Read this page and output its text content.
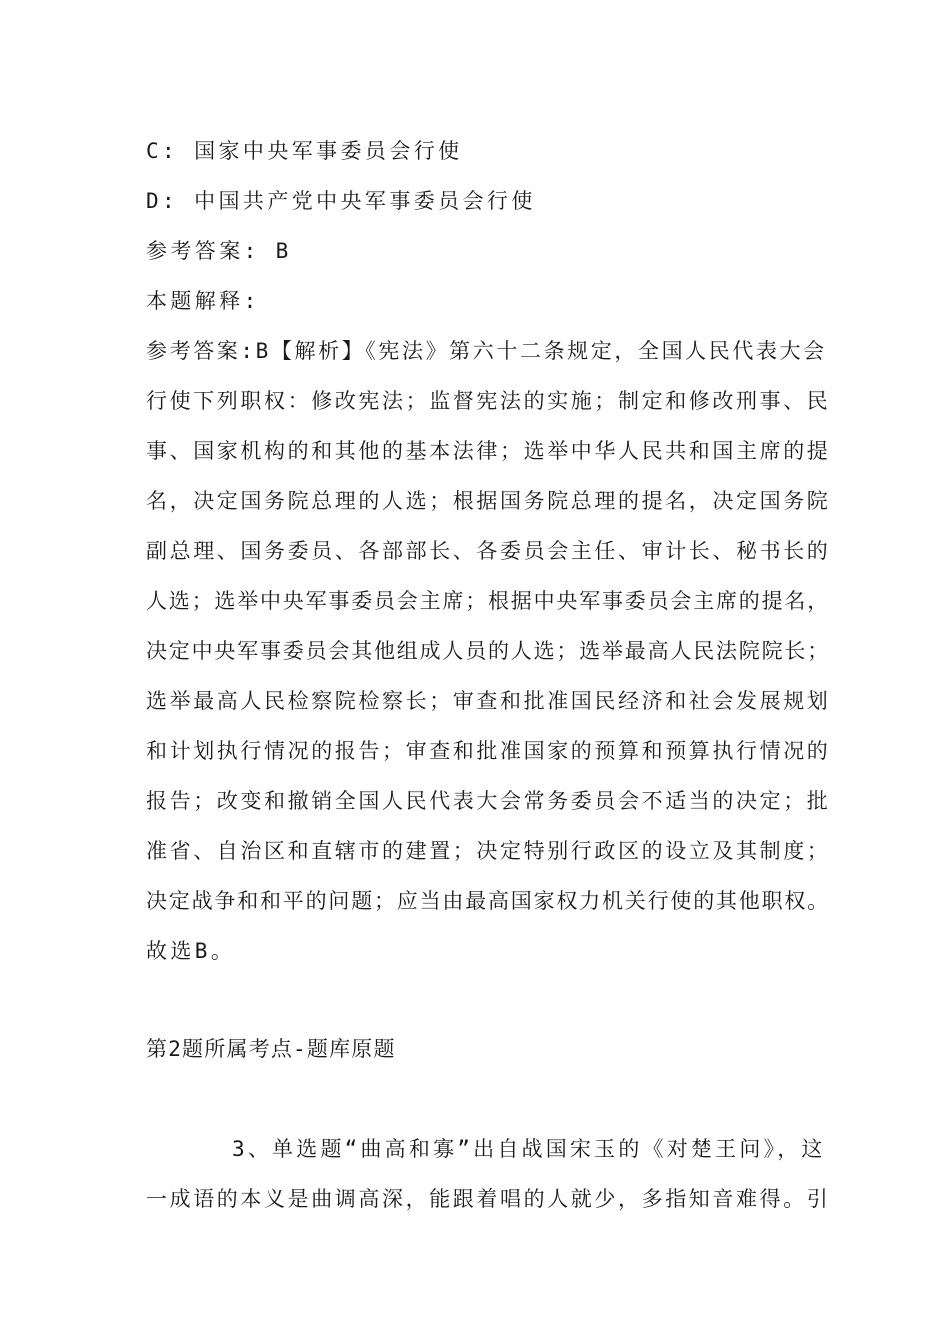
C: 国家中央军事委员会行使
D: 中国共产党中央军事委员会行使
参考答案: B
本题解释:
参考答案:B【解析】《宪法》第六十二条规定，全国人民代表大会
行使下列职权：修改宪法；监督宪法的实施；制定和修改刑事、民
事、国家机构的和其他的基本法律；选举中华人民共和国主席的提
名，决定国务院总理的人选；根据国务院总理的提名，决定国务院
副总理、国务委员、各部部长、各委员会主任、审计长、秘书长的
人选；选举中央军事委员会主席；根据中央军事委员会主席的提名，
决定中央军事委员会其他组成人员的人选；选举最高人民法院院长；
选举最高人民检察院检察长；审查和批准国民经济和社会发展规划
和计划执行情况的报告；审查和批准国家的预算和预算执行情况的
报告；改变和撤销全国人民代表大会常务委员会不适当的决定；批
准省、自治区和直辖市的建置；决定特别行政区的设立及其制度；
决定战争和和平的问题；应当由最高国家权力机关行使的其他职权。
故选B。
第2题所属考点-题库原题
3、单选题“曲高和寡”出自战国宋玉的《对楚王问》，这
一成语的本义是曲调高深，能跟着唱的人就少，多指知音难得。引
